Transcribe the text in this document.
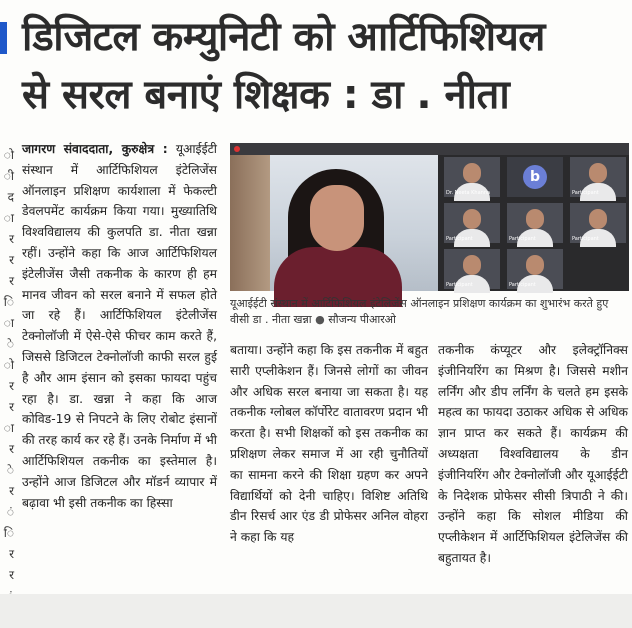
डिजिटल कम्युनिटी को आर्टिफिशियल
से सरल बनाएं शिक्षक : डा . नीता
ो
ी
द
ा
र
र
र
ि
ा
े
ो
र
र
ा
र
े
र
ं
ि
र
र

जागरण संवाददाता, कुरुक्षेत्र : यूआईईटी संस्थान में आर्टिफिशियल इंटेलिजेंस ऑनलाइन प्रशिक्षण कार्यशाला में फेकल्टी डेवलपमेंट कार्यक्रम किया गया। मुख्यातिथि विश्वविद्यालय की कुलपति डा. नीता खन्ना रहीं। उन्होंने कहा कि आज आर्टिफिशियल इंटेलीजेंस जैसी तकनीक के कारण ही हम मानव जीवन को सरल बनाने में सफल होते जा रहे हैं। आर्टिफिशियल इंटेलीजेंस टेक्नोलॉजी में ऐसे-ऐसे फीचर काम करते हैं, जिससे डिजिटल टेक्नोलॉजी काफी सरल हुई है और आम इंसान को इसका फायदा पहुंच रहा है। डा. खन्ना ने कहा कि आज कोविड-19 से निपटने के लिए रोबोट इंसानों की तरह कार्य कर रहे हैं। उनके निर्माण में भी आर्टिफिशियल तकनीक का इस्तेमाल है। उन्होंने आज डिजिटल और मॉडर्न व्यापार में बढ़ावा भी इसी तकनीक का हिस्सा

Dr. Neeta Khanna
b
Participant
Participant	Participant	Participant
Participant	Participant
यूआईईटी संस्थान में आर्टिफिशियल इंटेलिजेंस ऑनलाइन प्रशिक्षण कार्यक्रम का शुभारंभ करते हुए वीसी डा . नीता खन्ना ● सौजन्य पीआरओ

बताया। उन्होंने कहा कि इस तकनीक में बहुत सारी एप्लीकेशन हैं। जिनसे लोगों का जीवन और अधिक सरल बनाया जा सकता है। यह तकनीक ग्लोबल कॉर्पोरेट वातावरण प्रदान भी करता है। सभी शिक्षकों को इस तकनीक का प्रशिक्षण लेकर समाज में आ रही चुनौतियों का सामना करने की शिक्षा ग्रहण कर अपने विद्यार्थियों को देनी चाहिए। विशिष्ट अतिथि डीन रिसर्च आर एंड डी प्रोफेसर अनिल वोहरा ने कहा कि यह

तकनीक कंप्यूटर और इलेक्ट्रॉनिक्स इंजीनियरिंग का मिश्रण है। जिससे मशीन लर्निंग और डीप लर्निंग के चलते हम इसके महत्व का फायदा उठाकर अधिक से अधिक ज्ञान प्राप्त कर सकते हैं। कार्यक्रम की अध्यक्षता विश्वविद्यालय के डीन इंजीनियरिंग और टेक्नोलॉजी और यूआईईटी के निदेशक प्रोफेसर सीसी त्रिपाठी ने की। उन्होंने कहा कि सोशल मीडिया की एप्लीकेशन में आर्टिफिशियल इंटेलिजेंस की बहुतायत है।
